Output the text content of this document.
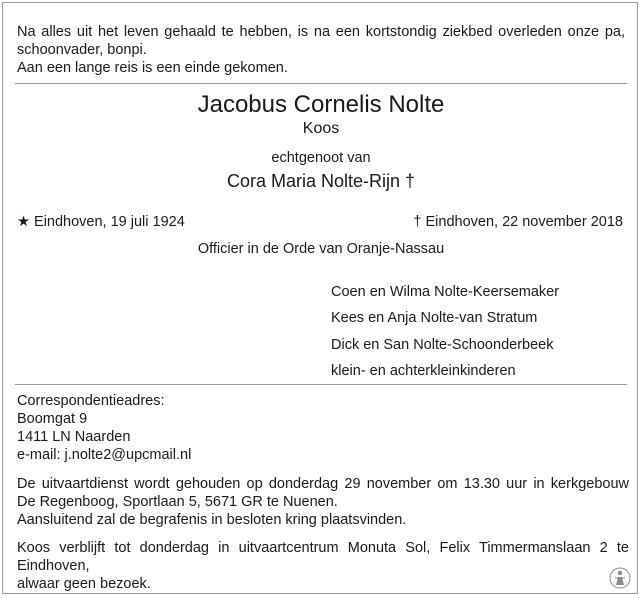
Na alles uit het leven gehaald te hebben, is na een kortstondig ziekbed overleden onze pa,
schoonvader, bonpi.
Aan een lange reis is een einde gekomen.
Jacobus Cornelis Nolte
Koos
echtgenoot van
Cora Maria Nolte-Rijn †
★ Eindhoven, 19 juli 1924	† Eindhoven, 22 november 2018
Officier in de Orde van Oranje-Nassau
Coen en Wilma Nolte-Keersemaker
Kees en Anja Nolte-van Stratum
Dick en San Nolte-Schoonderbeek
klein- en achterkleinkinderen
Correspondentieadres:
Boomgat 9
1411 LN Naarden
e-mail: j.nolte2@upcmail.nl
De uitvaartdienst wordt gehouden op donderdag 29 november om 13.30 uur in kerkgebouw
De Regenboog, Sportlaan 5, 5671 GR te Nuenen.
Aansluitend zal de begrafenis in besloten kring plaatsvinden.
Koos verblijft tot donderdag in uitvaartcentrum Monuta Sol, Felix Timmermanslaan 2 te Eindhoven,
alwaar geen bezoek.
